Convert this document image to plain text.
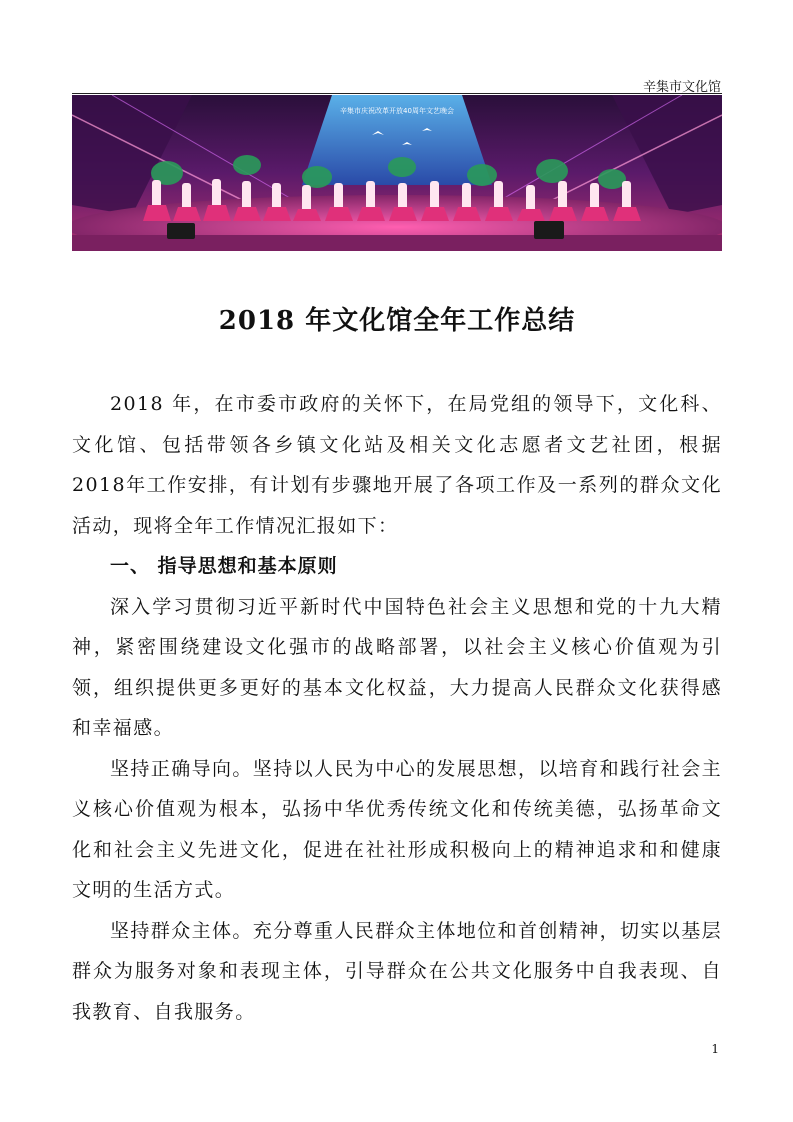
辛集市文化馆
辛集市庆祝改革开放40周年文艺晚会
2018 年文化馆全年工作总结

2018 年，在市委市政府的关怀下，在局党组的领导下，文化科、文化馆、包括带领各乡镇文化站及相关文化志愿者文艺社团，根据 2018年工作安排，有计划有步骤地开展了各项工作及一系列的群众文化活动，现将全年工作情况汇报如下：

一、 指导思想和基本原则

深入学习贯彻习近平新时代中国特色社会主义思想和党的十九大精神，紧密围绕建设文化强市的战略部署，以社会主义核心价值观为引领，组织提供更多更好的基本文化权益，大力提高人民群众文化获得感和幸福感。

坚持正确导向。坚持以人民为中心的发展思想，以培育和践行社会主义核心价值观为根本，弘扬中华优秀传统文化和传统美德，弘扬革命文化和社会主义先进文化，促进在社社形成积极向上的精神追求和和健康文明的生活方式。

坚持群众主体。充分尊重人民群众主体地位和首创精神，切实以基层群众为服务对象和表现主体，引导群众在公共文化服务中自我表现、自我教育、自我服务。

1
